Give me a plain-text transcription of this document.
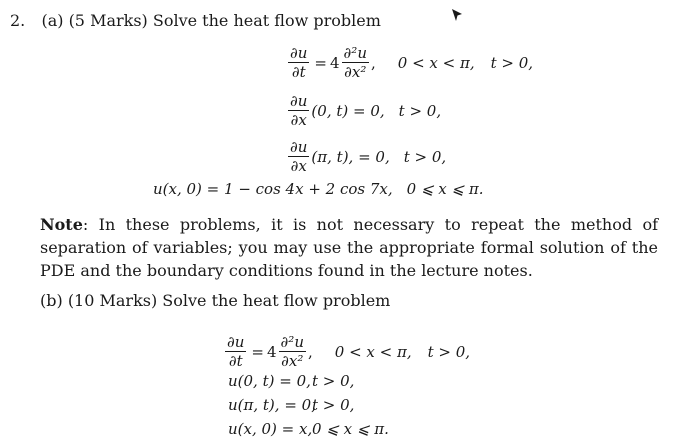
2. (a) (5 Marks) Solve the heat flow problem
$\frac{\partial u}{\partial t} = 4 \frac{\text{∂²u}}{\text{∂x²}}$ , 0 < x < π, t > 0,
$\frac{\partial u}{\partial x} (0$, t) = 0, t > 0,
$\frac{\partial u}{\partial x} (\pi$, t), = 0, t > 0,
u(x, 0) = 1 − cos 4x + 2 cos 7x, 0 ⩽ x ⩽ π.
Note: In these problems, it is not necessary to repeat the method of separation of variables; you may use the appropriate formal solution of the PDE and the boundary conditions found in the lecture notes.
(b) (10 Marks) Solve the heat flow problem
$\frac{\partial u}{\partial t} = 4 \frac{\text{∂²u}}{\text{∂x²}}$ , 0 < x < π, t > 0,
u(0, t) = 0, t > 0,
u(π, t), = 0,
t > 0,
u(x, 0) = x, 0 ⩽ x ⩽ π.
